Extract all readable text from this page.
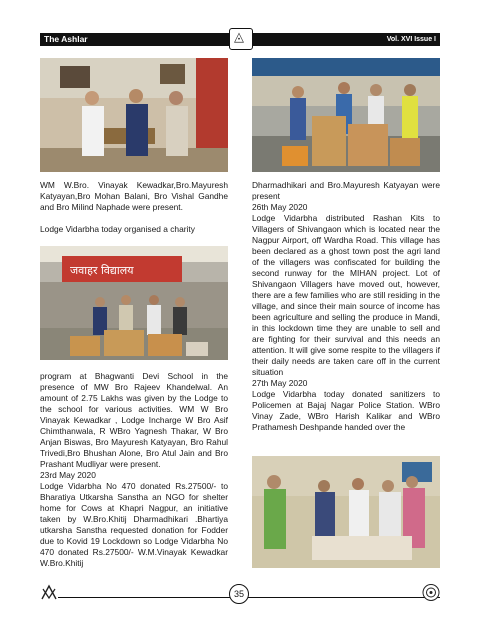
The Ashlar
◬	Vol. XVI Issue I
जवाहर विद्यालय

WM W.Bro. Vinayak Kewadkar,Bro.Mayuresh Katyayan,Bro Mohan Balani, Bro Vishal Gandhe and Bro Milind Naphade were present.

Lodge Vidarbha today organised a charity

program at Bhagwanti Devi School in the presence of MW Bro Rajeev Khandelwal. An amount of 2.75 Lakhs was given by the Lodge to the school for various activities. WM W Bro Vinayak Kewadkar , Lodge Incharge W Bro Asif Chimthanwala, R WBro Yagnesh Thakar, W Bro Anjan Biswas, Bro Mayuresh Katyayan, Bro Rahul Trivedi,Bro Bhushan Alone, Bro Atul Jain and Bro Prashant Mudliyar were present.

23rd May 2020

Lodge Vidarbha No 470 donated Rs.27500/- to Bharatiya Utkarsha Sanstha an NGO for shelter home for Cows at Khapri Nagpur, an initiative taken by W.Bro.Khitij Dharmadhikari .Bhartiya utkarsha Sanstha requested donation for Fodder due to Kovid 19 Lockdown so Lodge Vidarbha No 470 donated Rs.27500/- W.M.Vinayak Kewadkar W.Bro.Khitij

Dharmadhikari and Bro.Mayuresh Katyayan were present

26th May 2020

Lodge Vidarbha distributed Rashan Kits to Villagers of Shivangaon which is located near the Nagpur Airport, off Wardha Road. This village has been declared as a ghost town post the agri land of the villagers was confiscated for building the second runway for the MIHAN project. Lot of Shivangaon Villagers have moved out, however, there are a few families who are still residing in the village, and since their main source of income has been agriculture and selling the produce in Mandi, in this lockdown time they are unable to sell and are fighting for their survival and this needs an attention. It will give some respite to the villagers if their daily needs are taken care off in the current situation

27th May 2020

Lodge Vidarbha today donated sanitizers to Policemen at Bajaj Nagar Police Station. WBro Vinay Zade, WBro Harish Kalikar and WBro Prathamesh Deshpande handed over the

35
